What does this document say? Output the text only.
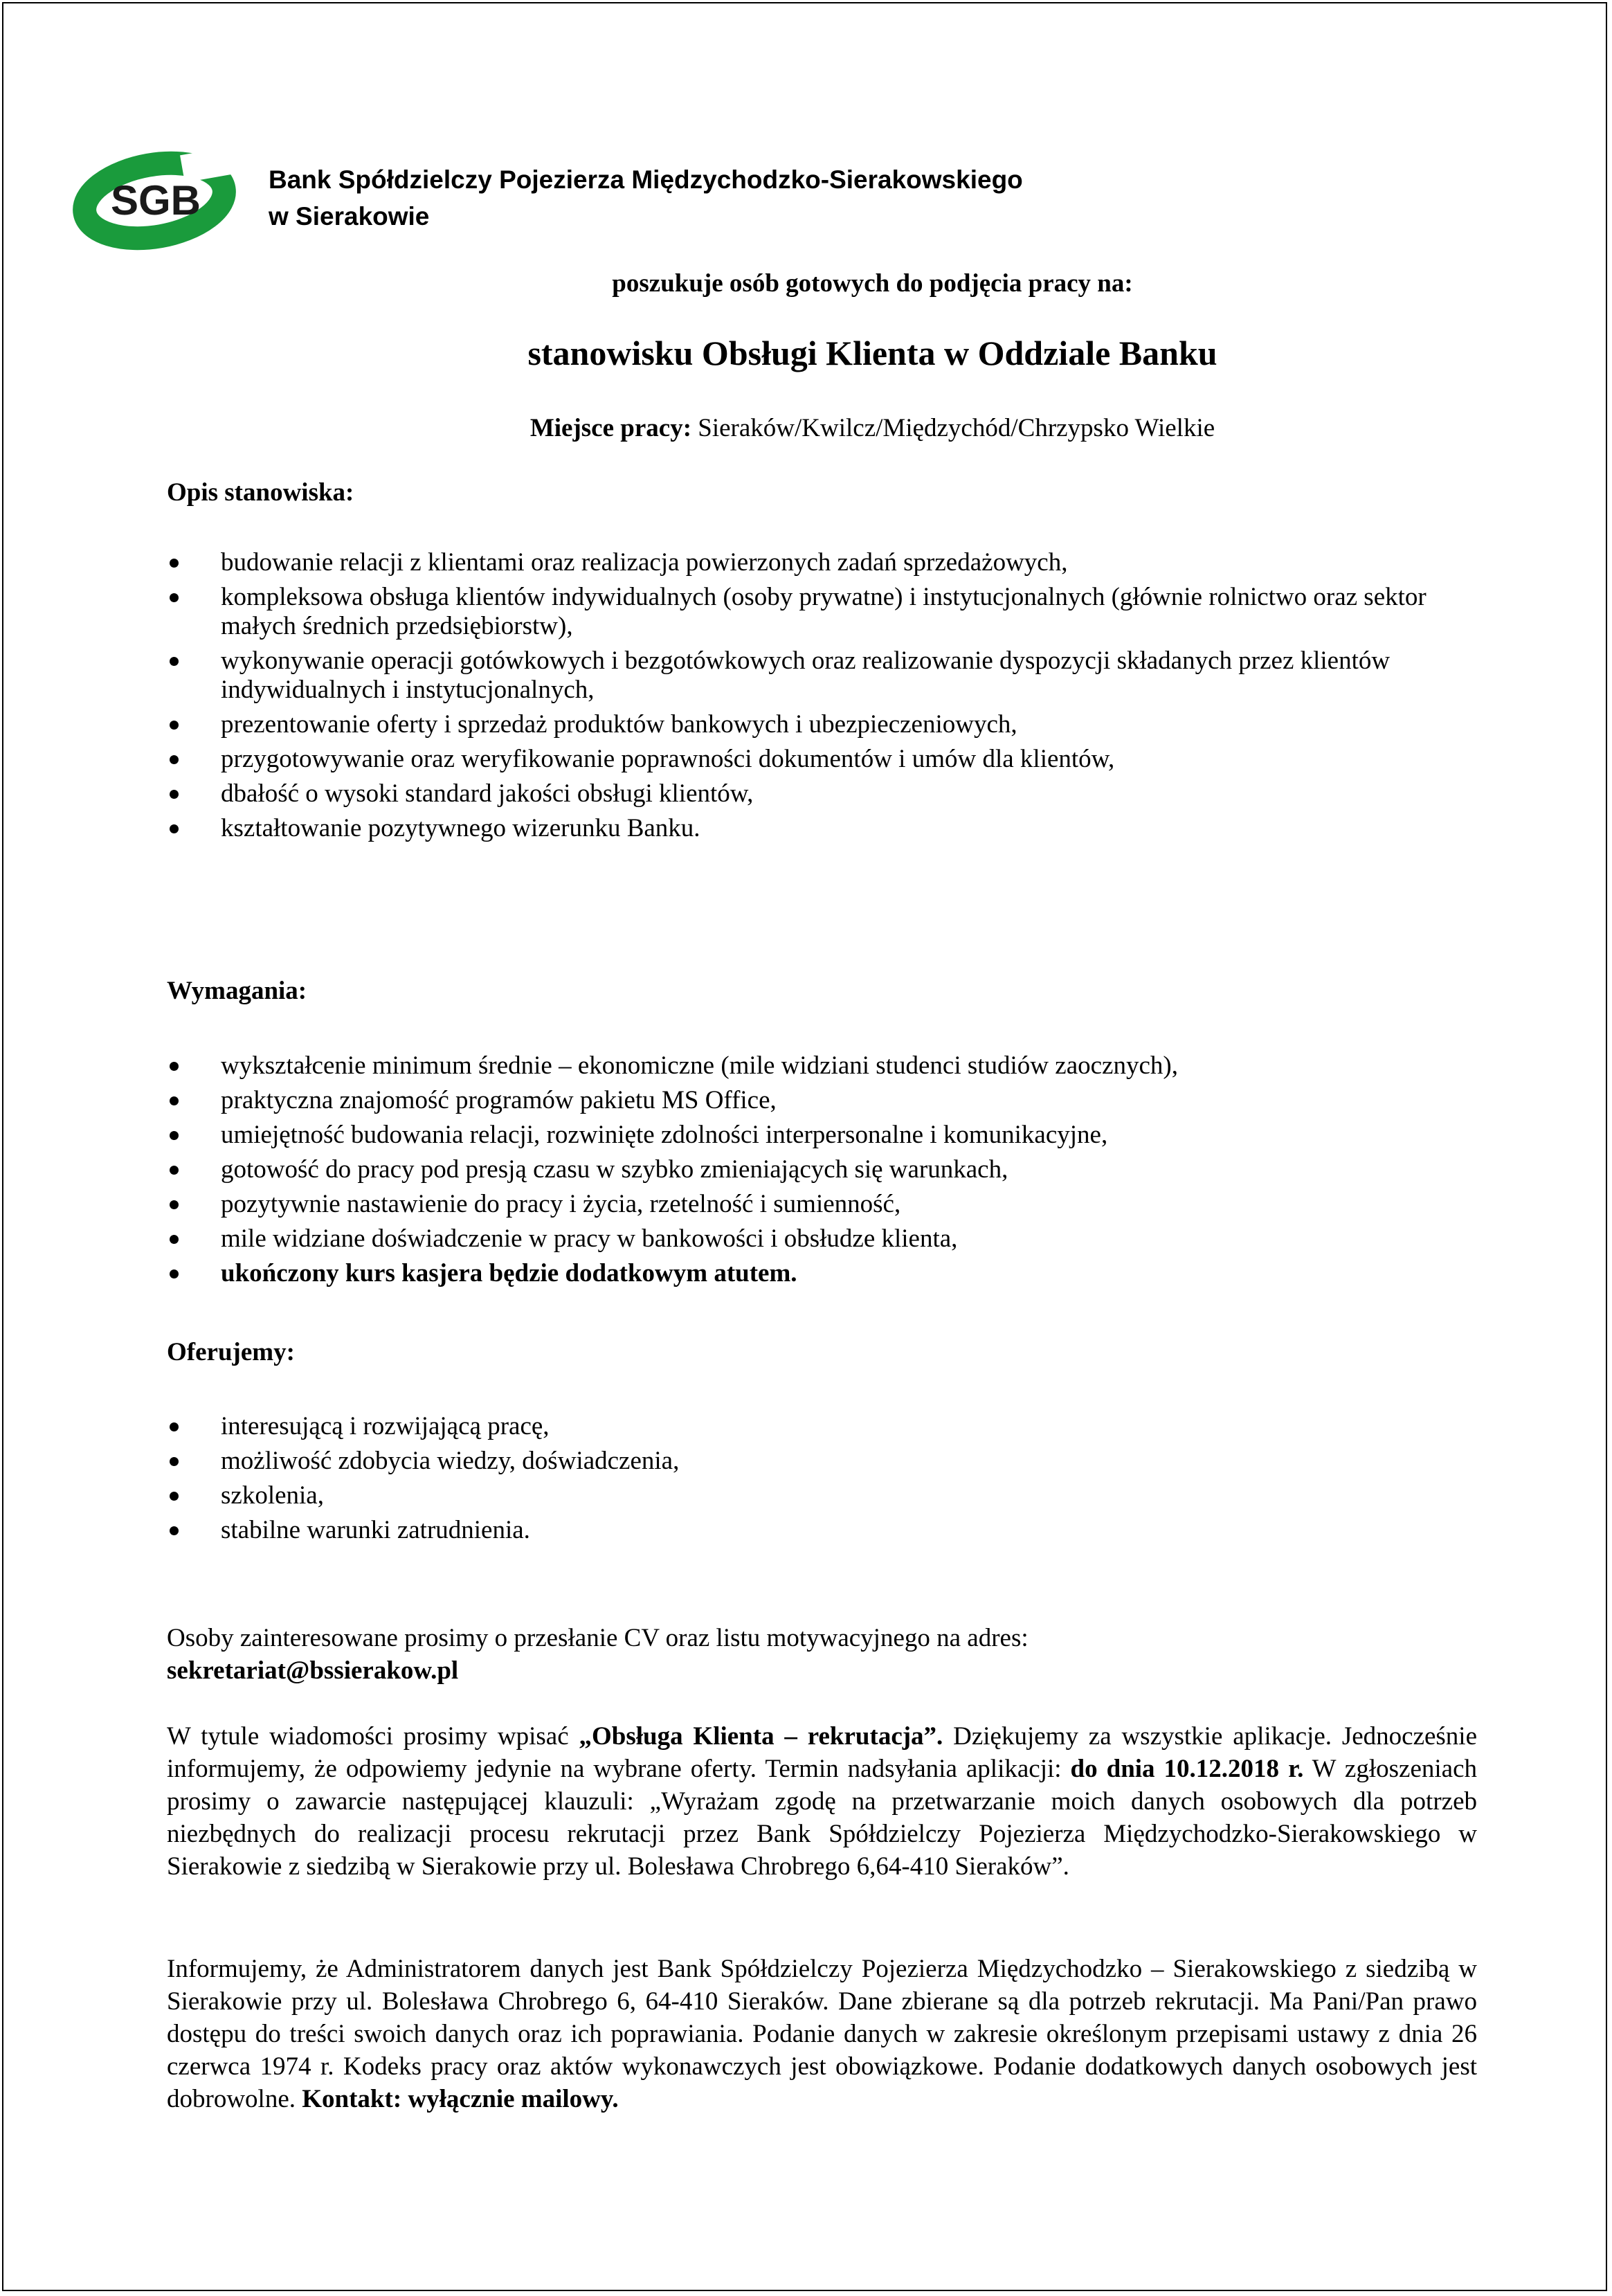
SGB	Bank Spółdzielczy Pojezierza Międzychodzko-Sierakowskiego
w Sierakowie
poszukuje osób gotowych do podjęcia pracy na:
stanowisku Obsługi Klienta w Oddziale Banku
Miejsce pracy: Sieraków/Kwilcz/Międzychód/Chrzypsko Wielkie
Opis stanowiska:
budowanie relacji z klientami oraz realizacja powierzonych zadań sprzedażowych,
kompleksowa obsługa klientów indywidualnych (osoby prywatne) i instytucjonalnych (głównie rolnictwo oraz sektor małych średnich przedsiębiorstw),
wykonywanie operacji gotówkowych i bezgotówkowych oraz realizowanie dyspozycji składanych przez klientów indywidualnych i instytucjonalnych,
prezentowanie oferty i sprzedaż produktów bankowych i ubezpieczeniowych,
przygotowywanie oraz weryfikowanie poprawności dokumentów i umów dla klientów,
dbałość o wysoki standard jakości obsługi klientów,
kształtowanie pozytywnego wizerunku Banku.
Wymagania:
wykształcenie minimum średnie – ekonomiczne (mile widziani studenci studiów zaocznych),
praktyczna znajomość programów pakietu MS Office,
umiejętność budowania relacji, rozwinięte zdolności interpersonalne i komunikacyjne,
gotowość do pracy pod presją czasu w szybko zmieniających się warunkach,
pozytywnie nastawienie do pracy i życia, rzetelność i sumienność,
mile widziane doświadczenie w pracy w bankowości i obsłudze klienta,
ukończony kurs kasjera będzie dodatkowym atutem.
Oferujemy:
interesującą i rozwijającą pracę,
możliwość zdobycia wiedzy, doświadczenia,
szkolenia,
stabilne warunki zatrudnienia.
Osoby zainteresowane prosimy o przesłanie CV oraz listu motywacyjnego na adres:
sekretariat@bssierakow.pl

W tytule wiadomości prosimy wpisać „Obsługa Klienta – rekrutacja”. Dziękujemy za wszystkie aplikacje. Jednocześnie informujemy, że odpowiemy jedynie na wybrane oferty. Termin nadsyłania aplikacji: do dnia 10.12.2018 r. W zgłoszeniach prosimy o zawarcie następującej klauzuli: „Wyrażam zgodę na przetwarzanie moich danych osobowych dla potrzeb niezbędnych do realizacji procesu rekrutacji przez Bank Spółdzielczy Pojezierza Międzychodzko-Sierakowskiego w Sierakowie z siedzibą w Sierakowie przy ul. Bolesława Chrobrego 6,64-410 Sieraków”.

Informujemy, że Administratorem danych jest Bank Spółdzielczy Pojezierza Międzychodzko – Sierakowskiego z siedzibą w Sierakowie przy ul. Bolesława Chrobrego 6, 64-410 Sieraków. Dane zbierane są dla potrzeb rekrutacji. Ma Pani/Pan prawo dostępu do treści swoich danych oraz ich poprawiania. Podanie danych w zakresie określonym przepisami ustawy z dnia 26 czerwca 1974 r. Kodeks pracy oraz aktów wykonawczych jest obowiązkowe. Podanie dodatkowych danych osobowych jest dobrowolne. Kontakt: wyłącznie mailowy.
